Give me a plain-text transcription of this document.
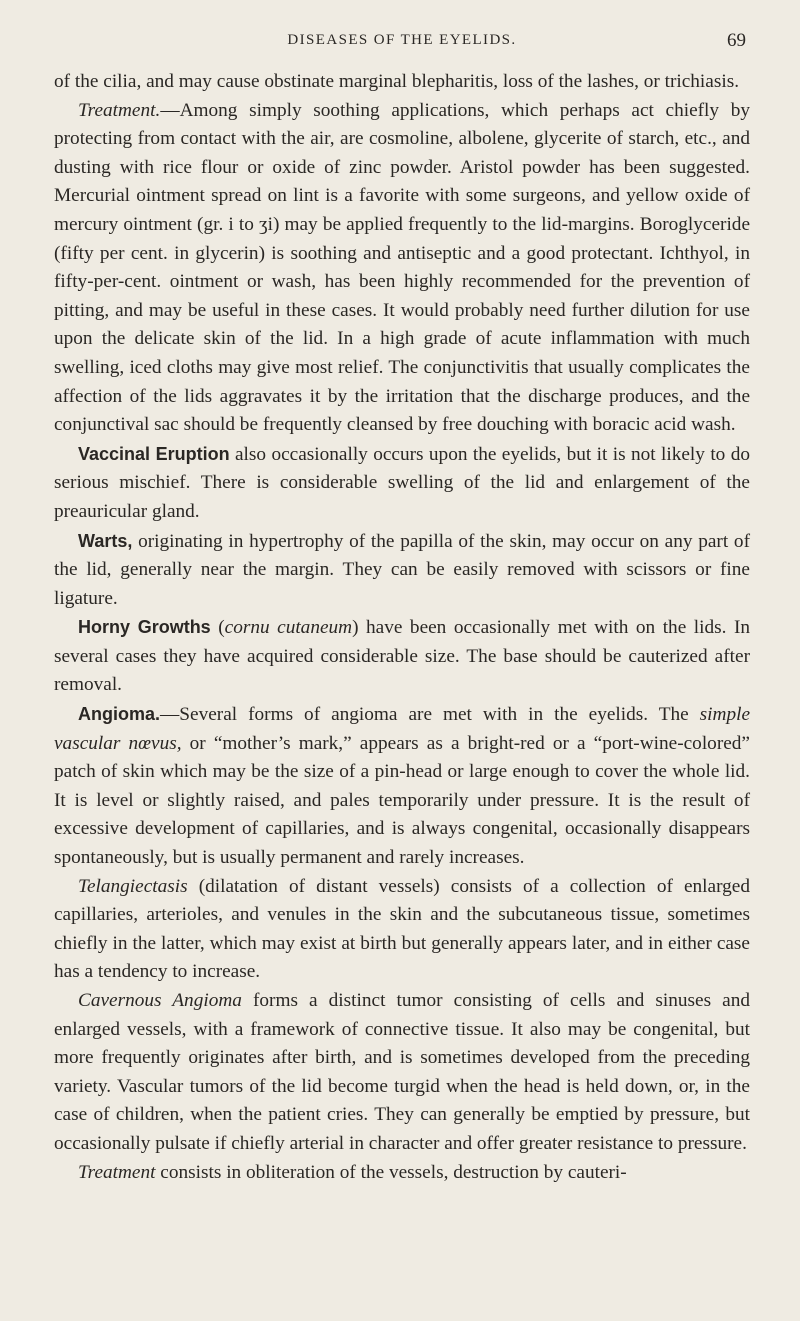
DISEASES OF THE EYELIDS.	69

of the cilia, and may cause obstinate marginal blepharitis, loss of the lashes, or trichiasis.

Treatment.—Among simply soothing applications, which perhaps act chiefly by protecting from contact with the air, are cosmoline, albolene, glycerite of starch, etc., and dusting with rice flour or oxide of zinc powder. Aristol powder has been suggested. Mercurial ointment spread on lint is a favorite with some surgeons, and yellow oxide of mercury ointment (gr. i to ʒi) may be applied frequently to the lid-margins. Boroglyceride (fifty per cent. in glycerin) is soothing and antiseptic and a good protectant. Ichthyol, in fifty-per-cent. ointment or wash, has been highly recommended for the prevention of pitting, and may be useful in these cases. It would probably need further dilution for use upon the delicate skin of the lid. In a high grade of acute inflammation with much swelling, iced cloths may give most relief. The conjunctivitis that usually complicates the affection of the lids aggravates it by the irritation that the discharge produces, and the conjunctival sac should be frequently cleansed by free douching with boracic acid wash.

Vaccinal Eruption also occasionally occurs upon the eyelids, but it is not likely to do serious mischief. There is considerable swelling of the lid and enlargement of the preauricular gland.

Warts, originating in hypertrophy of the papilla of the skin, may occur on any part of the lid, generally near the margin. They can be easily removed with scissors or fine ligature.

Horny Growths (cornu cutaneum) have been occasionally met with on the lids. In several cases they have acquired considerable size. The base should be cauterized after removal.

Angioma.—Several forms of angioma are met with in the eyelids. The simple vascular nœvus, or “mother’s mark,” appears as a bright-red or a “port-wine-colored” patch of skin which may be the size of a pin-head or large enough to cover the whole lid. It is level or slightly raised, and pales temporarily under pressure. It is the result of excessive development of capillaries, and is always congenital, occasionally disappears spontaneously, but is usually permanent and rarely increases.

Telangiectasis (dilatation of distant vessels) consists of a collection of enlarged capillaries, arterioles, and venules in the skin and the subcutaneous tissue, sometimes chiefly in the latter, which may exist at birth but generally appears later, and in either case has a tendency to increase.

Cavernous Angioma forms a distinct tumor consisting of cells and sinuses and enlarged vessels, with a framework of connective tissue. It also may be congenital, but more frequently originates after birth, and is sometimes developed from the preceding variety. Vascular tumors of the lid become turgid when the head is held down, or, in the case of children, when the patient cries. They can generally be emptied by pressure, but occasionally pulsate if chiefly arterial in character and offer greater resistance to pressure.

Treatment consists in obliteration of the vessels, destruction by cauteri-
